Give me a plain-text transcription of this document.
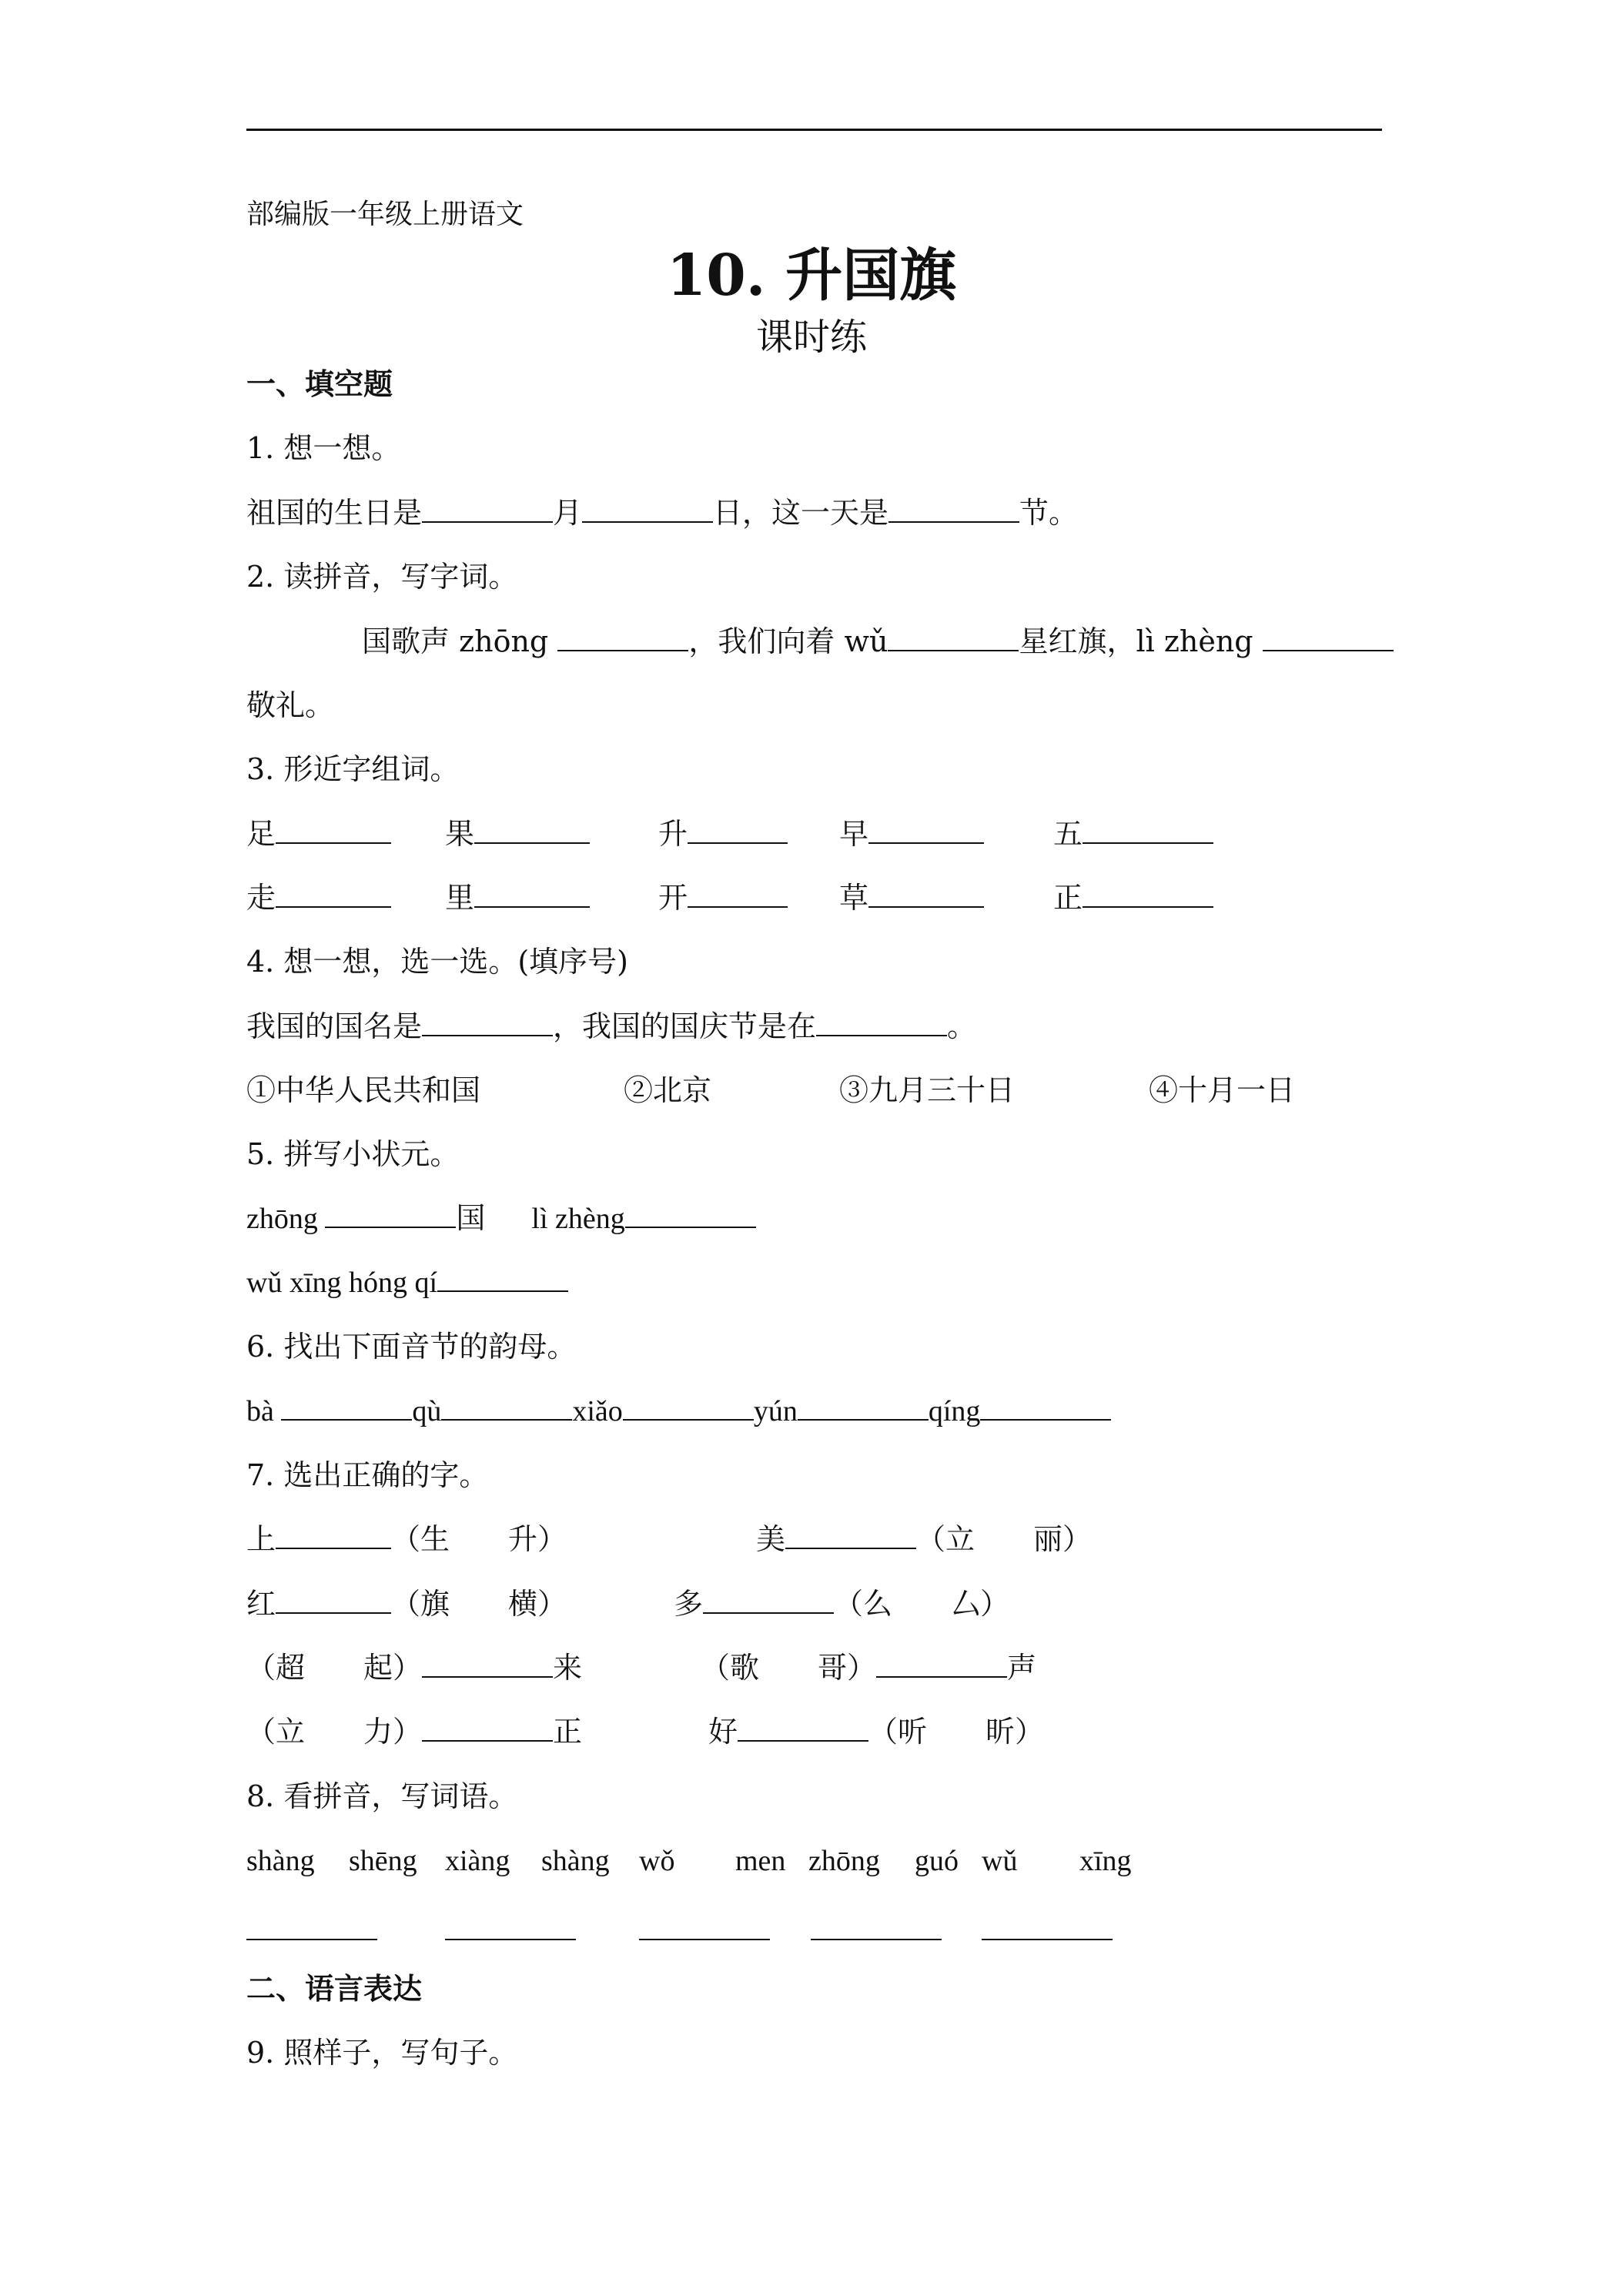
部编版一年级上册语文
10. 升国旗
课时练
一、填空题
1. 想一想。
祖国的生日是	月	日，这一天是	节。
2. 读拼音，写字词。
国歌声 zhōng	，我们向着 wǔ	星红旗，lì zhèng
敬礼。
3. 形近字组词。
足	果	升	早	五
走	里	开	草	正
4. 想一想，选一选。(填序号)
我国的国名是	，我国的国庆节是在	。
①中华人民共和国	②北京	③九月三十日	④十月一日
5. 拼写小状元。
zhōng	国 lì zhèng
wǔ xīng hóng qí
6. 找出下面音节的韵母。
bà	qù	xiǎo	yún	qíng
7. 选出正确的字。
上	（生　　升）	美	（立　　丽）
红	（旗　　横）	多	（么　　厶）
（超　　起）	来	（歌　　哥）	声
（立　　力）	正	好	（听　　昕）
8. 看拼音，写词语。
shàng shēng xiàng shàng wǒ men zhōng guó wǔ xīng
二、语言表达
9. 照样子，写句子。
